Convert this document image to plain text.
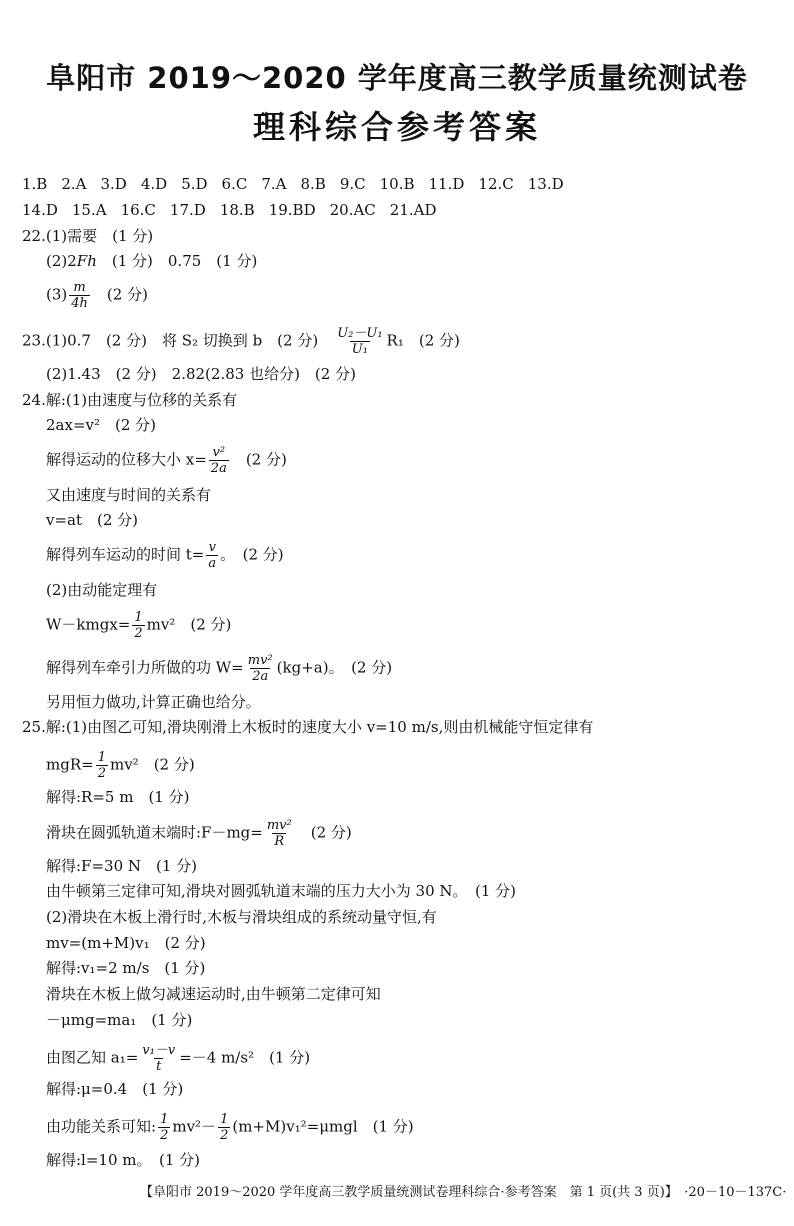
阜阳市 2019～2020 学年度高三教学质量统测试卷
理科综合参考答案
1.B 2.A 3.D 4.D 5.D 6.C 7.A 8.B 9.C 10.B 11.D 12.C 13.D
14.D 15.A 16.C 17.D 18.B 19.BD 20.AC 21.AD
22.(1)需要　(1 分)
(2)2Fh　(1 分)　0.75　(1 分)
$(3) \frac{m}{4h}$ 　(2 分)
23.(1)0.7　(2 分)　将 S₂ 切换到 b　(2 分)　 $\frac{\text{U₂－U₁}}{\text{U₁}} R_1$　(2 分)
(2)1.43　(2 分)　2.82(2.83 也给分)　(2 分)
24.解:(1)由速度与位移的关系有
2ax=v²　(2 分)
解得运动的位移大小 $x= \frac{\text{v²}}{2a}$ 　(2 分)
又由速度与时间的关系有
v=at　(2 分)
解得列车运动的时间 $t= \frac{v}{a}$ 。　(2 分)
(2)由动能定理有
W－kmgx= $\frac{1}{2} mv^2$　(2 分)
解得列车牵引力所做的功 $W= \frac{\text{mv²}}{2a} (kg+a)$。　(2 分)
另用恒力做功,计算正确也给分。
25.解:(1)由图乙可知,滑块刚滑上木板时的速度大小 v=10 m/s,则由机械能守恒定律有
$mgR= \frac{1}{2} mv^2$　(2 分)
解得:R=5 m　(1 分)
滑块在圆弧轨道末端时:F－mg= $\frac{\text{mv²}}{R}$ 　(2 分)
解得:F=30 N　(1 分)
由牛顿第三定律可知,滑块对圆弧轨道末端的压力大小为 30 N。　(1 分)
(2)滑块在木板上滑行时,木板与滑块组成的系统动量守恒,有
mv=(m+M)v₁　(2 分)
解得:v₁=2 m/s　(1 分)
滑块在木板上做匀减速运动时,由牛顿第二定律可知
－μmg=ma₁　(1 分)
由图乙知 $a_1= \frac{\text{v₁－v}}{t} =-4$ m/s²　(1 分)
解得:μ=0.4　(1 分)
由功能关系可知: $\frac{1}{2} mv^2- \frac{1}{2} (m+M)v_1^2=\mu mgl$　(1 分)
解得:l=10 m。　(1 分)
【阜阳市 2019～2020 学年度高三教学质量统测试卷理科综合·参考答案　第 1 页(共 3 页)】　·20－10－137C·
